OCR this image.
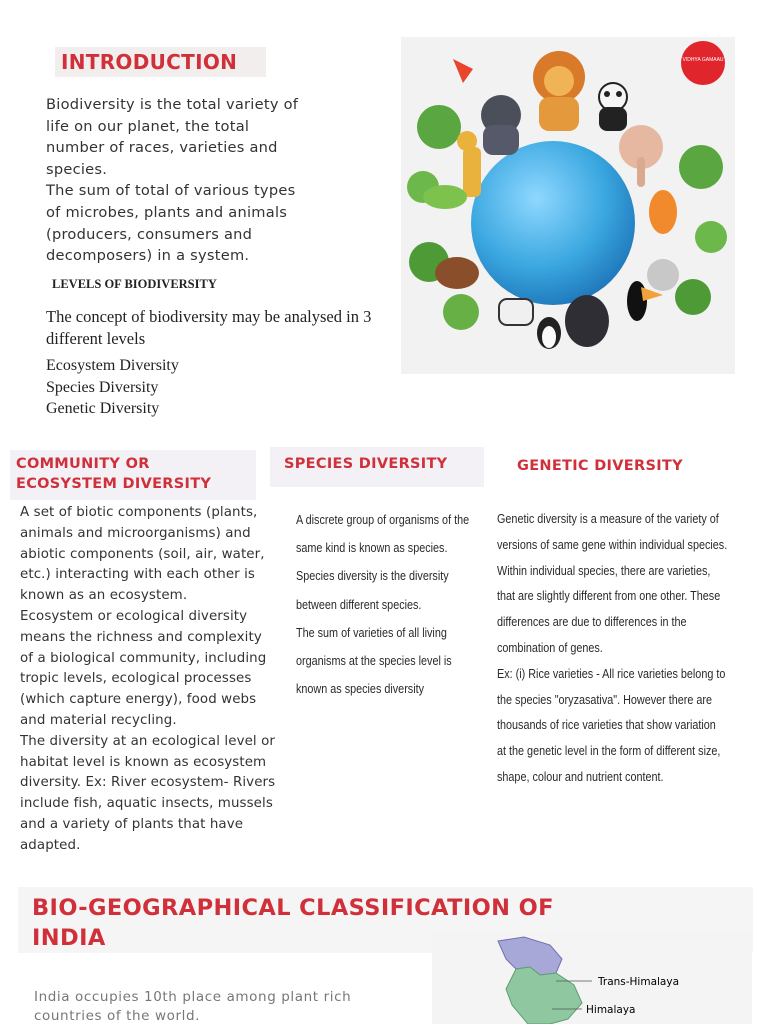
INTRODUCTION
Biodiversity is the total variety of
life on our planet, the total
number of races, varieties and
species.
The sum of total of various types
of microbes, plants and animals
(producers, consumers and
decomposers) in a system.
LEVELS OF BIODIVERSITY
The concept of biodiversity may be analysed in 3 different levels
Ecosystem Diversity
Species Diversity
Genetic Diversity
VIDHYA GAMAAU
COMMUNITY OR
ECOSYSTEM DIVERSITY
SPECIES DIVERSITY	GENETIC DIVERSITY
A set of biotic components (plants,
animals and microorganisms) and
abiotic components (soil, air, water,
etc.) interacting with each other is
known as an ecosystem.
Ecosystem or ecological diversity
means the richness and complexity
of a biological community, including
tropic levels, ecological processes
(which capture energy), food webs
and material recycling.
The diversity at an ecological level or
habitat level is known as ecosystem
diversity. Ex: River ecosystem- Rivers
include fish, aquatic insects, mussels
and a variety of plants that have
adapted.
A discrete group of organisms of the
same kind is known as species.
Species diversity is the diversity
between different species.
The sum of varieties of all living
organisms at the species level is
known as species diversity
Genetic diversity is a measure of the variety of
versions of same gene within individual species.
Within individual species, there are varieties,
that are slightly different from one other. These
differences are due to differences in the
combination of genes.
Ex: (i) Rice varieties - All rice varieties belong to
the species "oryzasativa". However there are
thousands of rice varieties that show variation
at the genetic level in the form of different size,
shape, colour and nutrient content.
BIO-GEOGRAPHICAL CLASSIFICATION OF
INDIA
India occupies 10th place among plant rich
countries of the world.
Trans-Himalaya
Himalaya
